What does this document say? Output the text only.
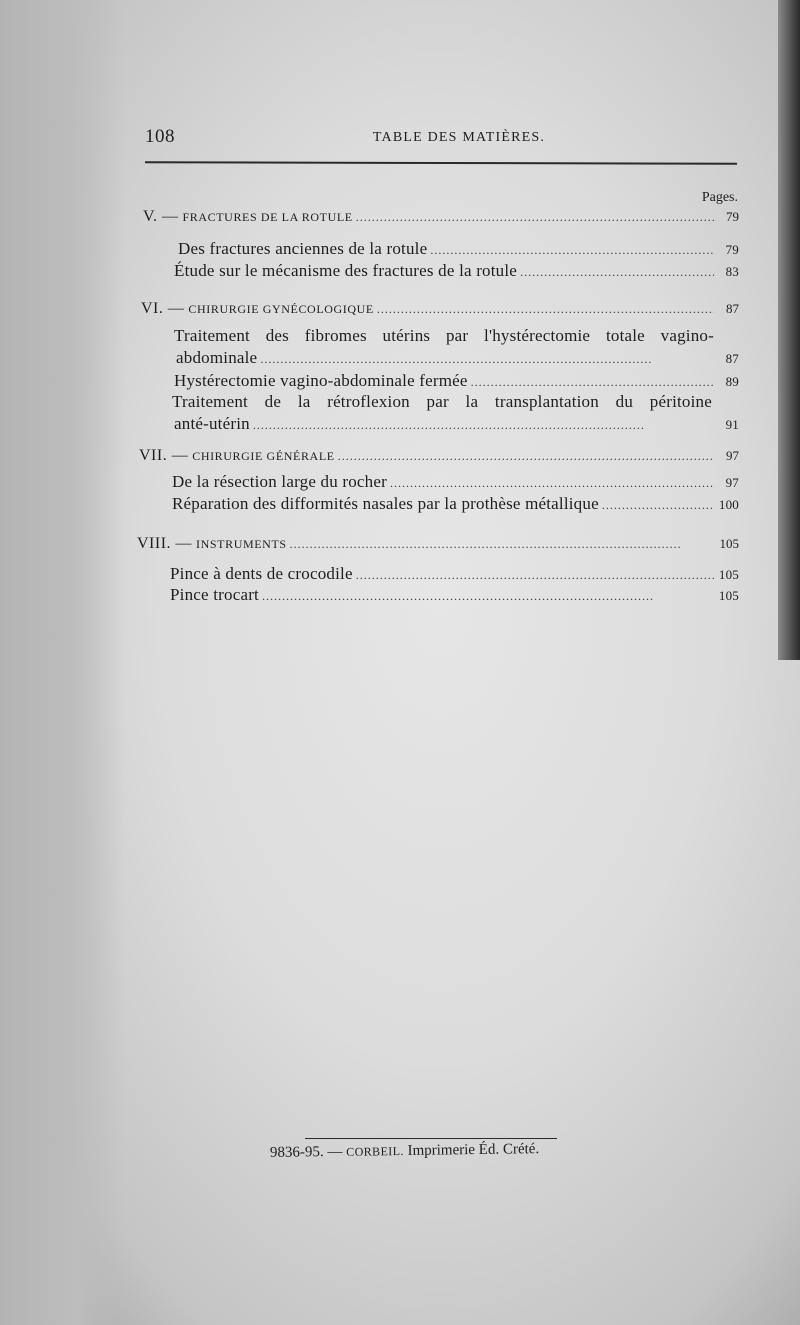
108	TABLE DES MATIÈRES.
Pages.
V. — FRACTURES DE LA ROTULE . . .	79
Des fractures anciennes de la rotule . . .	79
Étude sur le mécanisme des fractures de la rotule . . .	83
VI. — CHIRURGIE GYNÉCOLOGIQUE . . .	87
Traitement des fibromes utérins par l'hystérectomie totale vagino-
abdominale . . .	87
Hystérectomie vagino-abdominale fermée . . .	89
Traitement de la rétroflexion par la transplantation du péritoine
anté-utérin . . .	91
VII. — CHIRURGIE GÉNÉRALE . . .	97
De la résection large du rocher . . .	97
Réparation des difformités nasales par la prothèse métallique . . .	100
VIII. — INSTRUMENTS . . .	105
Pince à dents de crocodile . . .	105
Pince trocart . . .	105
9836-95. — CORBEIL. Imprimerie Éd. Crété.
